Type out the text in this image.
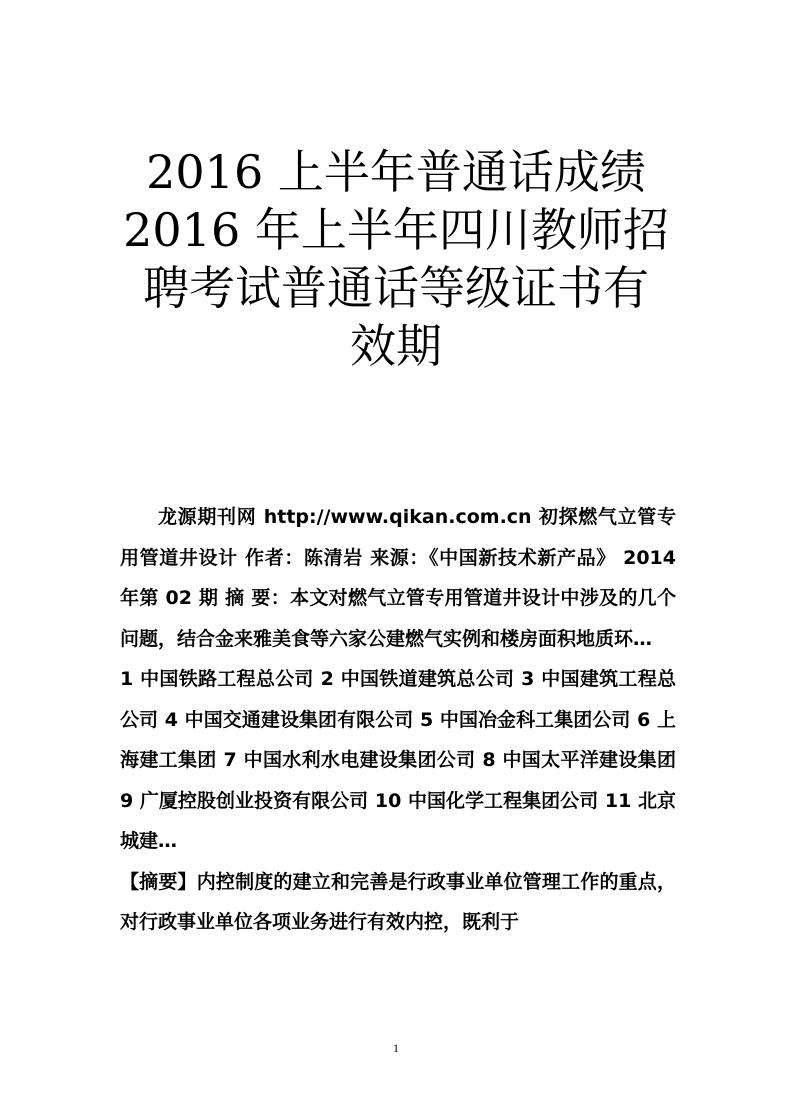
2016 上半年普通话成绩
2016 年上半年四川教师招
聘考试普通话等级证书有
效期

龙源期刊网 http://www.qikan.com.cn 初探燃气立管专用管道井设计 作者：陈清岩 来源：《中国新技术新产品》 2014 年第 02 期 摘 要：本文对燃气立管专用管道井设计中涉及的几个问题，结合金来雅美食等六家公建燃气实例和楼房面积地质环…

1 中国铁路工程总公司 2 中国铁道建筑总公司 3 中国建筑工程总公司 4 中国交通建设集团有限公司 5 中国冶金科工集团公司 6 上海建工集团 7 中国水利水电建设集团公司 8 中国太平洋建设集团 9 广厦控股创业投资有限公司 10 中国化学工程集团公司 11 北京城建…

【摘要】内控制度的建立和完善是行政事业单位管理工作的重点，对行政事业单位各项业务进行有效内控，既利于

1
